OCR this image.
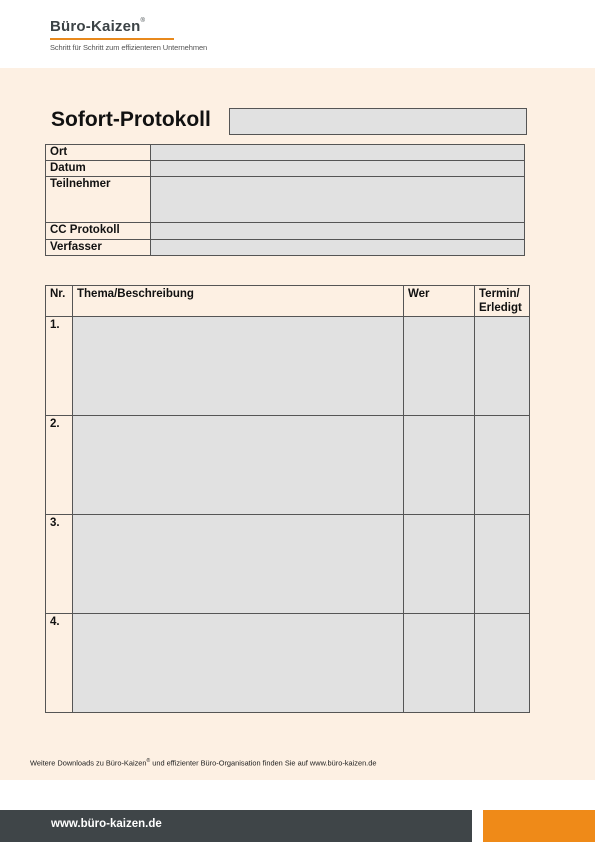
Büro-Kaizen®
Schritt für Schritt zum effizienteren Unternehmen
Sofort-Protokoll
Ort	
Datum	
Teilnehmer	
CC Protokoll	
Verfasser	
Nr.	Thema/Beschreibung	Wer	Termin/
Erledigt
1.			
2.			
3.			
4.			
Weitere Downloads zu Büro-Kaizen® und effizienter Büro-Organisation finden Sie auf www.büro-kaizen.de
www.büro-kaizen.de
